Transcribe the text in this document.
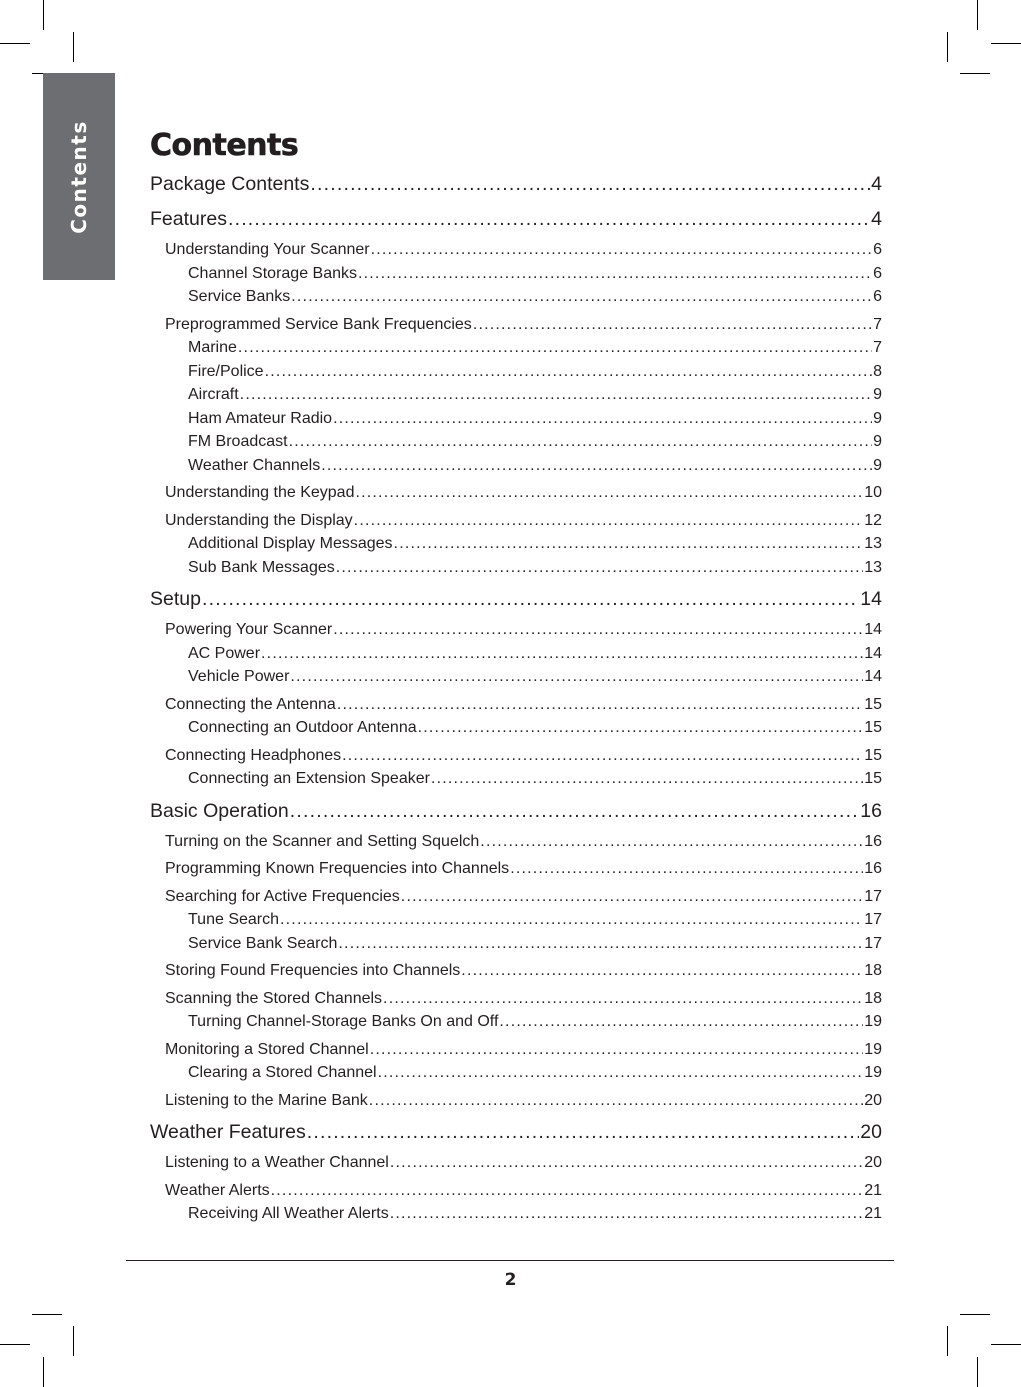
Contents Contents
Package Contents .....	4
Features .....	4
Understanding Your Scanner .....	6
Channel Storage Banks .....	6
Service Banks .....	6
Preprogrammed Service Bank Frequencies .....	7
Marine .....	7
Fire/Police .....	8
Aircraft .....	9
Ham Amateur Radio .....	9
FM Broadcast .....	9
Weather Channels .....	9
Understanding the Keypad .....	10
Understanding the Display .....	12
Additional Display Messages .....	13
Sub Bank Messages .....	13
Setup .....	14
Powering Your Scanner .....	14
AC Power .....	14
Vehicle Power .....	14
Connecting the Antenna .....	15
Connecting an Outdoor Antenna .....	15
Connecting Headphones .....	15
Connecting an Extension Speaker .....	15
Basic Operation .....	16
Turning on the Scanner and Setting Squelch .....	16
Programming Known Frequencies into Channels .....	16
Searching for Active Frequencies .....	17
Tune Search .....	17
Service Bank Search .....	17
Storing Found Frequencies into Channels .....	18
Scanning the Stored Channels .....	18
Turning Channel-Storage Banks On and Off .....	19
Monitoring a Stored Channel .....	19
Clearing a Stored Channel .....	19
Listening to the Marine Bank .....	20
Weather Features .....	20
Listening to a Weather Channel .....	20
Weather Alerts .....	21
Receiving All Weather Alerts .....	21
2
